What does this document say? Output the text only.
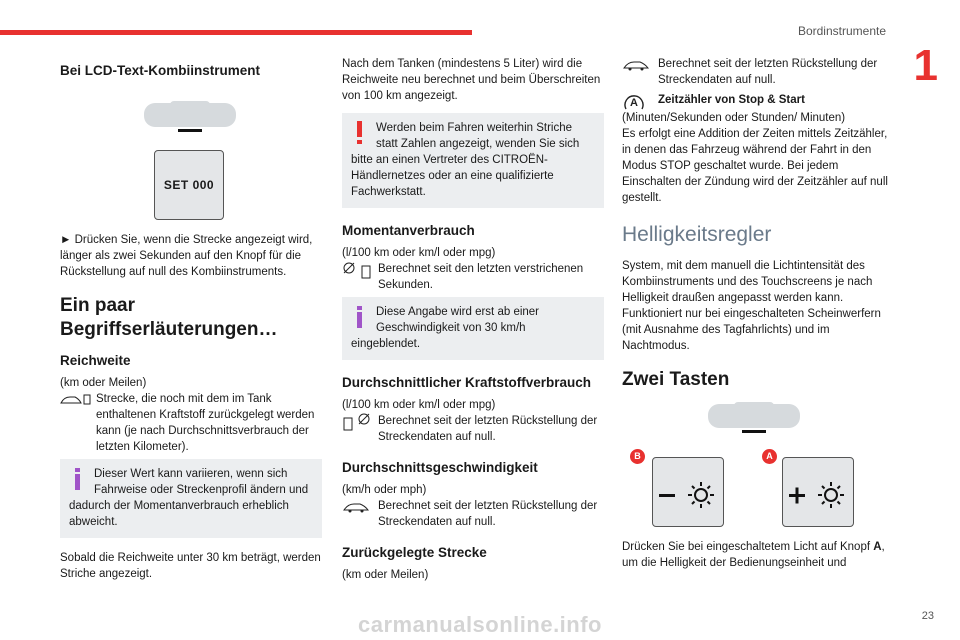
Bordinstrumente
1
Bei LCD-Text-Kombiinstrument
SET 000

► Drücken Sie, wenn die Strecke angezeigt wird, länger als zwei Sekunden auf den Knopf für die Rückstellung auf null des Kombiinstruments.

Ein paar Begriffserläuterungen…
Reichweite
(km oder Meilen)
Strecke, die noch mit dem im Tank enthaltenen Kraftstoff zurückgelegt werden kann (je nach Durchschnittsverbrauch der letzten Kilometer).
Dieser Wert kann variieren, wenn sich Fahrweise oder Streckenprofil ändern und dadurch der Momentanverbrauch erheblich abweicht.

Sobald die Reichweite unter 30 km beträgt, werden Striche angezeigt.

Nach dem Tanken (mindestens 5 Liter) wird die Reichweite neu berechnet und beim Überschreiten von 100 km angezeigt.

Werden beim Fahren weiterhin Striche statt Zahlen angezeigt, wenden Sie sich bitte an einen Vertreter des CITROËN-Händlernetzes oder an eine qualifizierte Fachwerkstatt.
Momentanverbrauch
(l/100 km oder km/l oder mpg)
Berechnet seit den letzten verstrichenen Sekunden.
Diese Angabe wird erst ab einer Geschwindigkeit von 30 km/h eingeblendet.
Durchschnittlicher Kraftstoffverbrauch
(l/100 km oder km/l oder mpg)
Berechnet seit der letzten Rückstellung der Streckendaten auf null.
Durchschnittsgeschwindigkeit
(km/h oder mph)
Berechnet seit der letzten Rückstellung der Streckendaten auf null.
Zurückgelegte Strecke
(km oder Meilen)
Berechnet seit der letzten Rückstellung der Streckendaten auf null.
A Zeitzähler von Stop & Start
(Minuten/Sekunden oder Stunden/ Minuten)

Es erfolgt eine Addition der Zeiten mittels Zeitzähler, in denen das Fahrzeug während der Fahrt in den Modus STOP geschaltet wurde. Bei jedem Einschalten der Zündung wird der Zeitzähler auf null gestellt.

Helligkeitsregler

System, mit dem manuell die Lichtintensität des Kombiinstruments und des Touchscreens je nach Helligkeit draußen angepasst werden kann. Funktioniert nur bei eingeschalteten Scheinwerfern (mit Ausnahme des Tagfahrlichts) und im Nachtmodus.

Zwei Tasten
B	A

Drücken Sie bei eingeschaltetem Licht auf Knopf A, um die Helligkeit der Bedienungseinheit und

23
carmanualsonline.info
